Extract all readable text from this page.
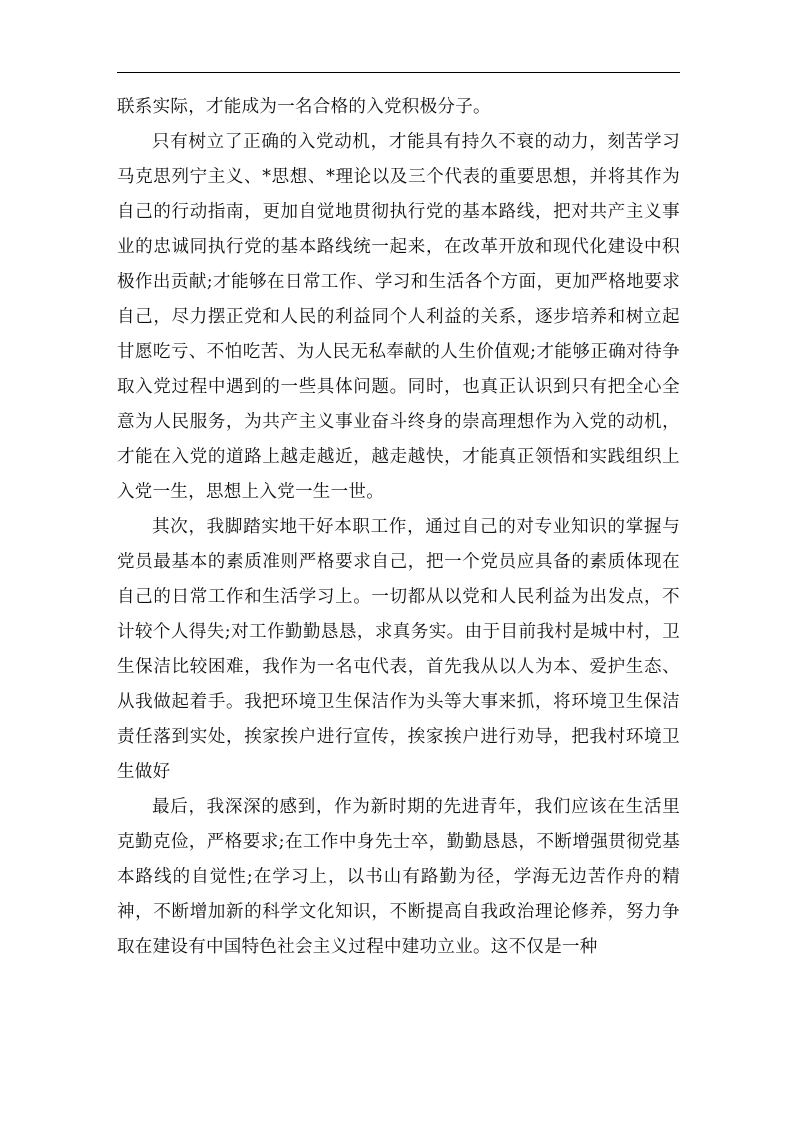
联系实际，才能成为一名合格的入党积极分子。

只有树立了正确的入党动机，才能具有持久不衰的动力，刻苦学习马克思列宁主义、*思想、*理论以及三个代表的重要思想，并将其作为自己的行动指南，更加自觉地贯彻执行党的基本路线，把对共产主义事业的忠诚同执行党的基本路线统一起来，在改革开放和现代化建设中积极作出贡献;才能够在日常工作、学习和生活各个方面，更加严格地要求自己，尽力摆正党和人民的利益同个人利益的关系，逐步培养和树立起甘愿吃亏、不怕吃苦、为人民无私奉献的人生价值观;才能够正确对待争取入党过程中遇到的一些具体问题。同时，也真正认识到只有把全心全意为人民服务，为共产主义事业奋斗终身的崇高理想作为入党的动机，才能在入党的道路上越走越近，越走越快，才能真正领悟和实践组织上入党一生，思想上入党一生一世。

其次，我脚踏实地干好本职工作，通过自己的对专业知识的掌握与党员最基本的素质准则严格要求自己，把一个党员应具备的素质体现在自己的日常工作和生活学习上。一切都从以党和人民利益为出发点，不计较个人得失;对工作勤勤恳恳，求真务实。由于目前我村是城中村，卫生保洁比较困难，我作为一名屯代表，首先我从以人为本、爱护生态、从我做起着手。我把环境卫生保洁作为头等大事来抓，将环境卫生保洁责任落到实处，挨家挨户进行宣传，挨家挨户进行劝导，把我村环境卫生做好

最后，我深深的感到，作为新时期的先进青年，我们应该在生活里克勤克俭，严格要求;在工作中身先士卒，勤勤恳恳，不断增强贯彻党基本路线的自觉性;在学习上，以书山有路勤为径，学海无边苦作舟的精神，不断增加新的科学文化知识，不断提高自我政治理论修养，努力争取在建设有中国特色社会主义过程中建功立业。这不仅是一种
